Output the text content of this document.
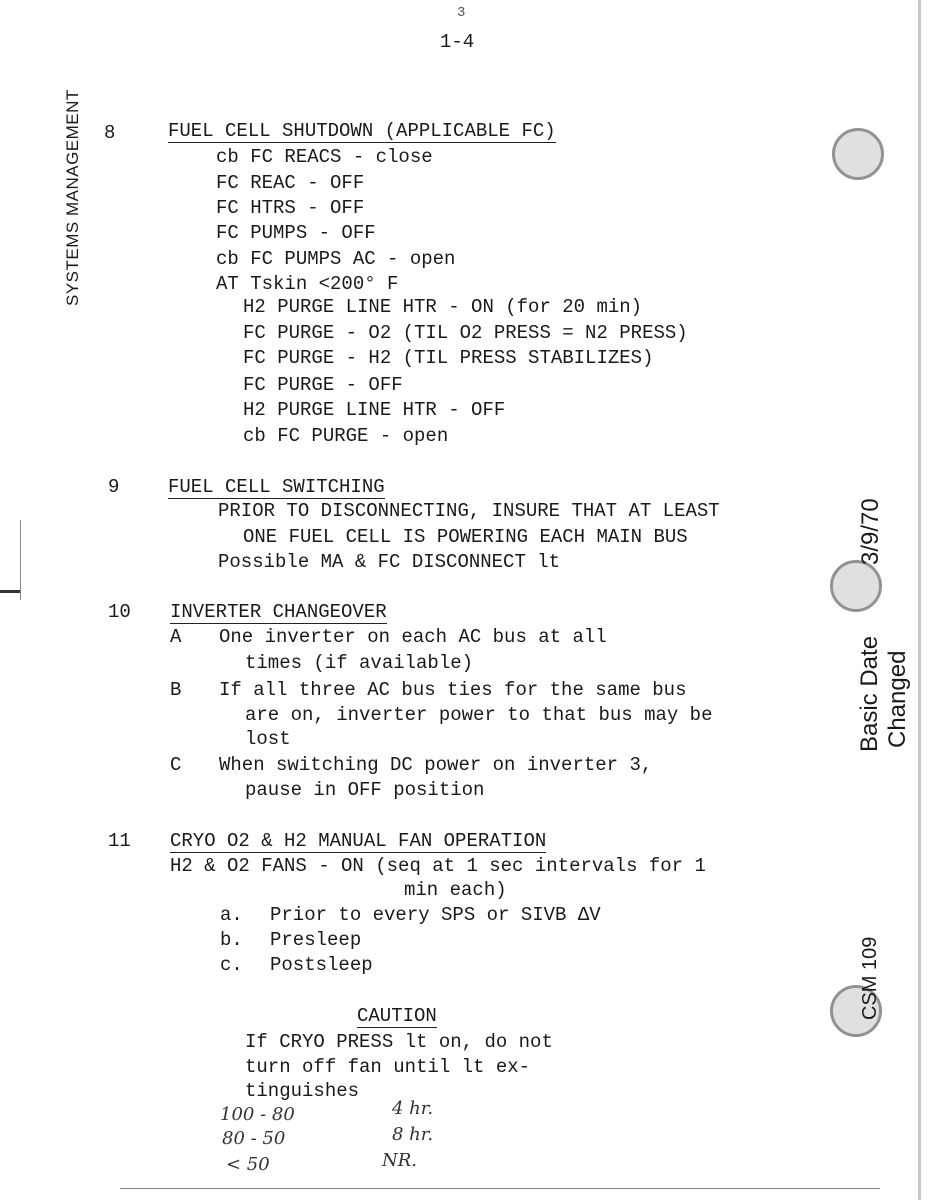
3
1-4
SYSTEMS MANAGEMENT
Basic Date
3/9/70
Changed
CSM 109
8	FUEL CELL SHUTDOWN (APPLICABLE FC)
cb FC REACS - close
FC REAC - OFF
FC HTRS - OFF
FC PUMPS - OFF
cb FC PUMPS AC - open
AT Tskin <200° F
H2 PURGE LINE HTR - ON (for 20 min)
FC PURGE - O2 (TIL O2 PRESS = N2 PRESS)
FC PURGE - H2 (TIL PRESS STABILIZES)
FC PURGE - OFF
H2 PURGE LINE HTR - OFF
cb FC PURGE - open
9	FUEL CELL SWITCHING
PRIOR TO DISCONNECTING, INSURE THAT AT LEAST
ONE FUEL CELL IS POWERING EACH MAIN BUS
Possible MA & FC DISCONNECT lt
10 INVERTER CHANGEOVER
A One inverter on each AC bus at all
times (if available)
B If all three AC bus ties for the same bus
are on, inverter power to that bus may be
lost
C When switching DC power on inverter 3,
pause in OFF position
11 CRYO O2 & H2 MANUAL FAN OPERATION
H2 & O2 FANS - ON (seq at 1 sec intervals for 1
min each)
a. Prior to every SPS or SIVB ΔV
b. Presleep
c. Postsleep
CAUTION
If CRYO PRESS lt on, do not
turn off fan until lt ex-
tinguishes
100 - 80	4 hr.
80 - 50	8 hr.
< 50	NR.
